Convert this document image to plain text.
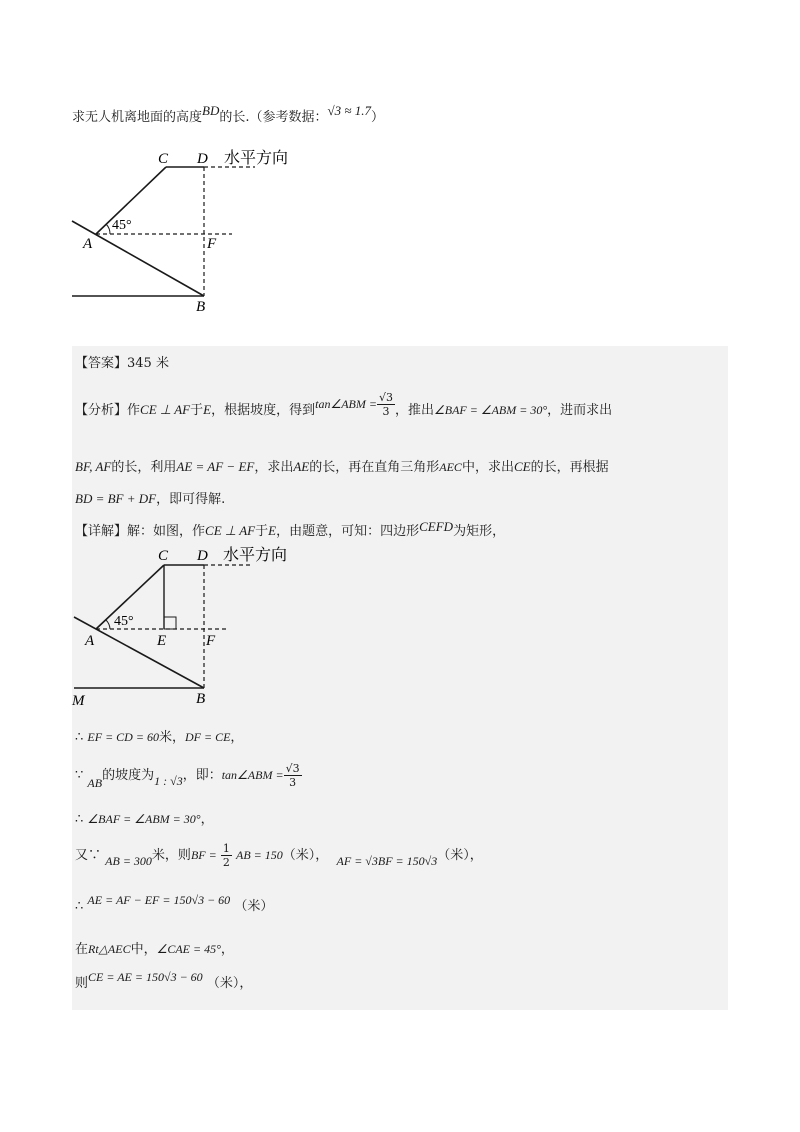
求无人机离地面的高度BD的长.（参考数据：√3 ≈ 1.7）
C D 水平方向
45°
A	F
B
【答案】345 米
【分析】作CE ⊥ AF于E，根据坡度，得到tan∠ABM = $\frac{√3}{3}$ ，推出∠BAF = ∠ABM = 30°，进而求出
BF, AF的长，利用AE = AF − EF，求出AE的长，再在直角三角形AEC中，求出CE的长，再根据
BD = BF + DF，即可得解.
【详解】解：如图，作CE ⊥ AF于E，由题意，可知：四边形CEFD为矩形，
C D 水平方向
45°
A	E	F
B
M
∴ EF = CD = 60米，DF = CE，
∵ AB的坡度为1 : √3，即：tan∠ABM = $\frac{√3}{3}$
∴ ∠BAF = ∠ABM = 30°，
又∵ AB = 300米，则BF = $\frac{1}{2}$ AB = 150（米）， AF = √3BF = 150√3（米），
∴ AE = AF − EF = 150√3 − 60 （米）
在Rt△AEC中，∠CAE = 45°，
则CE = AE = 150√3 − 60 （米），
